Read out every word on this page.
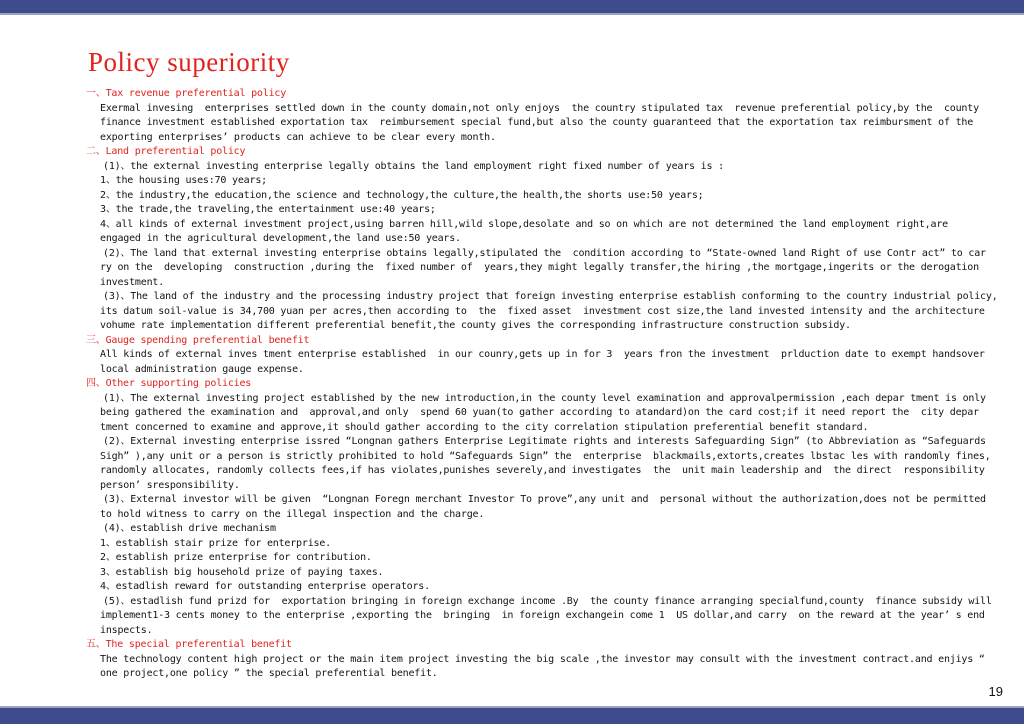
Policy superiority
一、Tax revenue preferential policy
Exermal invesing  enterprises settled down in the county domain,not only enjoys  the country stipulated tax  revenue preferential policy,by the  county
finance investment established exportation tax  reimbursement special fund,but also the county guaranteed that the exportation tax reimbursment of the
exporting enterprises’ products can achieve to be clear every month.
二、Land preferential policy
(1)、the external investing enterprise legally obtains the land employment right fixed number of years is :
1、the housing uses:70 years;
2、the industry,the education,the science and technology,the culture,the health,the shorts use:50 years;
3、the trade,the traveling,the entertainment use:40 years;
4、all kinds of external investment project,using barren hill,wild slope,desolate and so on which are not determined the land employment right,are
engaged in the agricultural development,the land use:50 years.
(2)、The land that external investing enterprise obtains legally,stipulated the  condition according to “State-owned land Right of use Contr act” to car
ry on the  developing  construction ,during the  fixed number of  years,they might legally transfer,the hiring ,the mortgage,ingerits or the derogation
investment.
(3)、The land of the industry and the processing industry project that foreign investing enterprise establish conforming to the country industrial policy,
its datum soil-value is 34,700 yuan per acres,then according to  the  fixed asset  investment cost size,the land invested intensity and the architecture
vohume rate implementation different preferential benefit,the county gives the corresponding infrastructure construction subsidy.
三、Gauge spending preferential benefit
All kinds of external inves tment enterprise established  in our counry,gets up in for 3  years fron the investment  prlduction date to exempt handsover
local administration gauge expense.
四、Other supporting policies
(1)、The external investing project established by the new introduction,in the county level examination and approvalpermission ,each depar tment is only
being gathered the examination and  approval,and only  spend 60 yuan(to gather according to atandard)on the card cost;if it need report the  city depar
tment concerned to examine and approve,it should gather according to the city correlation stipulation preferential benefit standard.
(2)、External investing enterprise issred “Longnan gathers Enterprise Legitimate rights and interests Safeguarding Sign” (to Abbreviation as “Safeguards
Sigh” ),any unit or a person is strictly prohibited to hold “Safeguards Sign” the  enterprise  blackmails,extorts,creates lbstac les with randomly fines,
randomly allocates, randomly collects fees,if has violates,punishes severely,and investigates  the  unit main leadership and  the direct  responsibility
person’ sresponsibility.
(3)、External investor will be given  “Longnan Foregn merchant Investor To prove”,any unit and  personal without the authorization,does not be permitted
to hold witness to carry on the illegal inspection and the charge.
(4)、establish drive mechanism
1、establish stair prize for enterprise.
2、establish prize enterprise for contribution.
3、establish big household prize of paying taxes.
4、estadlish reward for outstanding enterprise operators.
(5)、estadlish fund prizd for  exportation bringing in foreign exchange income .By  the county finance arranging specialfund,county  finance subsidy will
implement1-3 cents money to the enterprise ,exporting the  bringing  in foreign exchangein come 1  US dollar,and carry  on the reward at the year’ s end
inspects.
五、The special preferential benefit
The technology content high project or the main item project investing the big scale ,the investor may consult with the investment contract.and enjiys “
one project,one policy ” the special preferential benefit.
19
